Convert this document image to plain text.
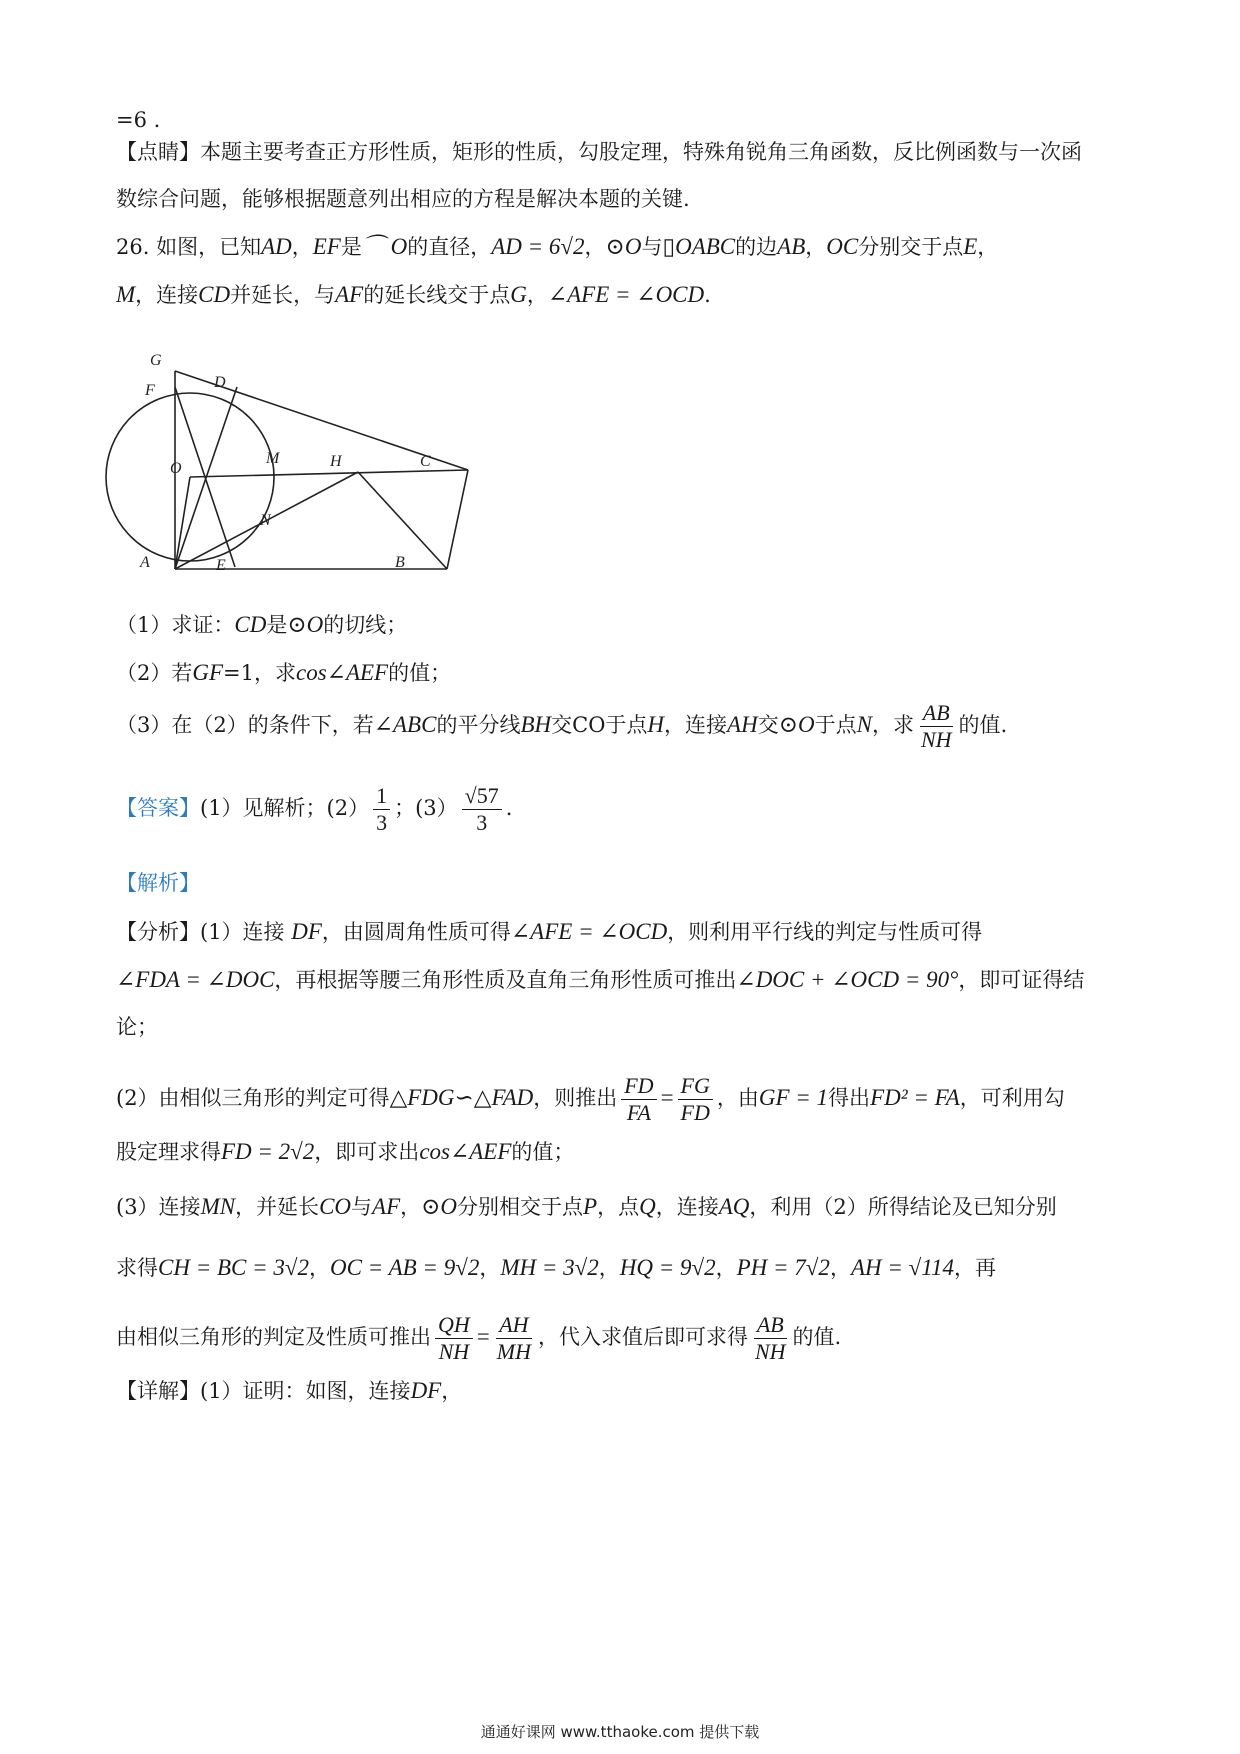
=6 .
【点睛】本题主要考查正方形性质，矩形的性质，勾股定理，特殊角锐角三角函数，反比例函数与一次函
数综合问题，能够根据题意列出相应的方程是解决本题的关键.
26. 如图，已知AD，EF是⌒ O的直径，AD = 6√2，⊙O与▯OABC的边AB，OC分别交于点E，
M，连接CD并延长，与AF的延长线交于点G，∠AFE = ∠OCD.
G
F	D
O
M	H	C
N
A	E	B
（1）求证：CD是⊙O的切线；
（2）若GF=1，求cos∠AEF的值；
（3）在（2）的条件下，若∠ABC的平分线BH交CO于点H，连接AH交⊙O于点N，求 $\frac{AB}{NH}$ 的值.
【答案】(1）见解析；$(2) \frac{1}{3}$ ；$(3) \frac{√57}{3}$ .
【解析】
【分析】(1）连接 DF，由圆周角性质可得∠AFE = ∠OCD，则利用平行线的判定与性质可得
∠FDA = ∠DOC，再根据等腰三角形性质及直角三角形性质可推出∠DOC + ∠OCD = 90°，即可证得结
论；
(2）由相似三角形的判定可得△FDG∽△FAD，则推出 $\frac{FD}{FA} = \frac{FG}{FD}$ ，由GF = 1得出FD² = FA，可利用勾
股定理求得FD = 2√2，即可求出cos∠AEF的值；
(3）连接MN，并延长CO与AF，⊙O分别相交于点P，点Q，连接AQ，利用（2）所得结论及已知分别
求得CH = BC = 3√2，OC = AB = 9√2，MH = 3√2，HQ = 9√2，PH = 7√2，AH = √114，再
由相似三角形的判定及性质可推出 $\frac{QH}{NH} = \frac{AH}{MH}$ ，代入求值后即可求得 $\frac{AB}{NH}$ 的值.
【详解】(1）证明：如图，连接DF，
通通好课网 www.tthaoke.com 提供下载
